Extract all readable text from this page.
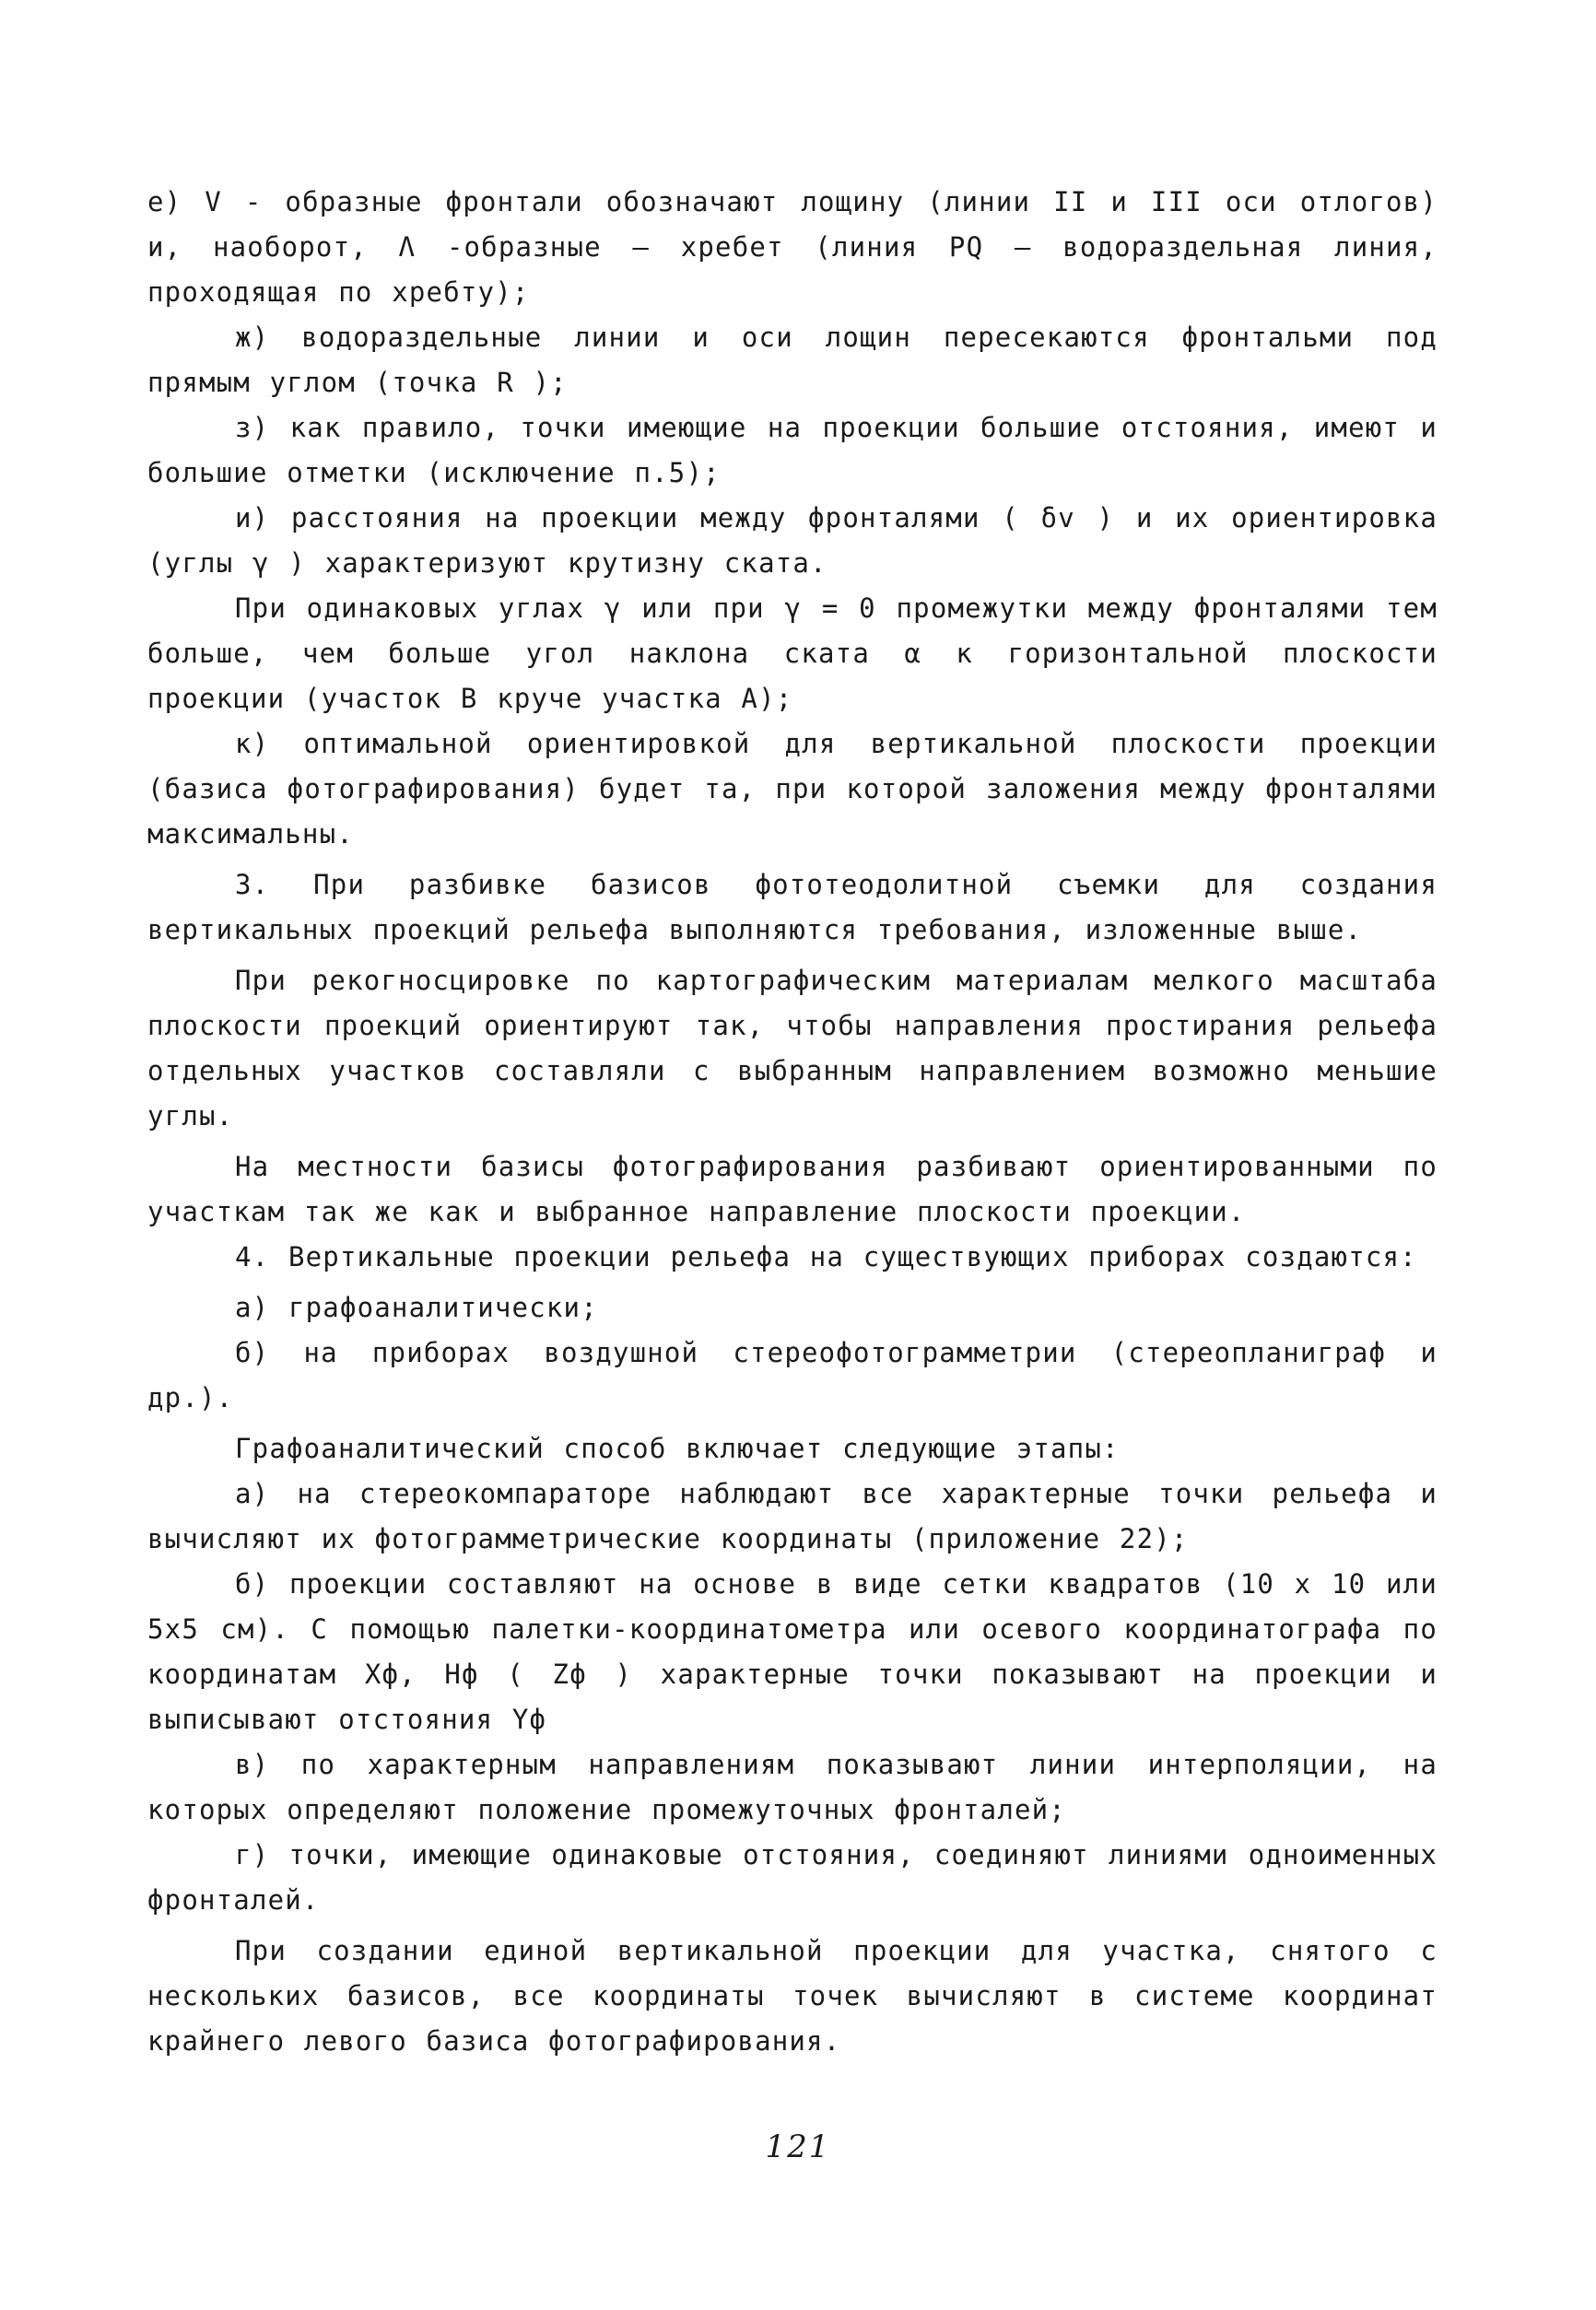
е) V - образные фронтали обозначают лощину (линии II и III оси отлогов) и, наоборот, Λ -образные – хребет (линия PQ – водораздельная линия, проходящая по хребту);

ж) водораздельные линии и оси лощин пересекаются фронтальми под прямым углом (точка R );

з) как правило, точки имеющие на проекции большие отстояния, имеют и большие отметки (исключение п.5);

и) расстояния на проекции между фронталями ( δv ) и их ориентировка (углы γ ) характеризуют крутизну ската.

При одинаковых углах γ или при γ = 0 промежутки между фронталями тем больше, чем больше угол наклона ската α к горизонтальной плоскости проекции (участок В круче участка А);

к) оптимальной ориентировкой для вертикальной плоскости проекции (базиса фотографирования) будет та, при которой заложения между фронталями максимальны.

3. При разбивке базисов фототеодолитной съемки для создания вертикальных проекций рельефа выполняются требования, изложенные выше.

При рекогносцировке по картографическим материалам мелкого масштаба плоскости проекций ориентируют так, чтобы направления простирания рельефа отдельных участков составляли с выбранным направлением возможно меньшие углы.

На местности базисы фотографирования разбивают ориентированными по участкам так же как и выбранное направление плоскости проекции.

4. Вертикальные проекции рельефа на существующих приборах создаются:

а) графоаналитически;

б) на приборах воздушной стереофотограмметрии (стереопланиграф и др.).

Графоаналитический способ включает следующие этапы:

а) на стереокомпараторе наблюдают все характерные точки рельефа и вычисляют их фотограмметрические координаты (приложение 22);

б) проекции составляют на основе в виде сетки квадратов (10 х 10 или 5х5 см). С помощью палетки-координатометра или осевого координатографа по координатам Xф, Hф ( Zф ) характерные точки показывают на проекции и выписывают отстояния Yф

в) по характерным направлениям показывают линии интерполяции, на которых определяют положение промежуточных фронталей;

г) точки, имеющие одинаковые отстояния, соединяют линиями одноименных фронталей.

При создании единой вертикальной проекции для участка, снятого с нескольких базисов, все координаты точек вычисляют в системе координат крайнего левого базиса фотографирования.

121
